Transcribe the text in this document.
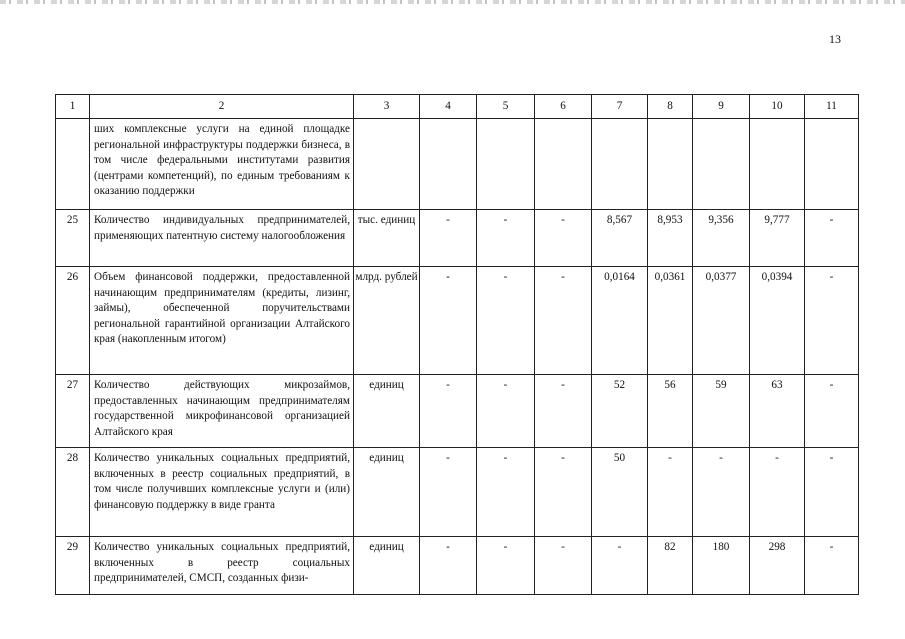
13
1	2	3	4	5	6	7	8	9	10	11
	ших комплексные услуги на единой площадке региональной инфраструктуры поддержки бизнеса, в том числе федеральными институтами развития (центрами компетенций), по единым требованиям к оказанию поддержки									
25	Количество индивидуальных предпринимателей, применяющих патентную систему налогообложения	тыс. единиц	-	-	-	8,567	8,953	9,356	9,777	-
26	Объем финансовой поддержки, предоставленной начинающим предпринимателям (кредиты, лизинг, займы), обеспеченной поручительствами региональной гарантийной организации Алтайского края (накопленным итогом)	млрд. рублей	-	-	-	0,0164	0,0361	0,0377	0,0394	-
27	Количество действующих микрозаймов, предоставленных начинающим предпринимателям государственной микрофинансовой организацией Алтайского края	единиц	-	-	-	52	56	59	63	-
28	Количество уникальных социальных предприятий, включенных в реестр социальных предприятий, в том числе получивших комплексные услуги и (или) финансовую поддержку в виде гранта	единиц	-	-	-	50	-	-	-	-
29	Количество уникальных социальных предприятий, включенных в реестр социальных предпринимателей, СМСП, созданных физи-	единиц	-	-	-	-	82	180	298	-
